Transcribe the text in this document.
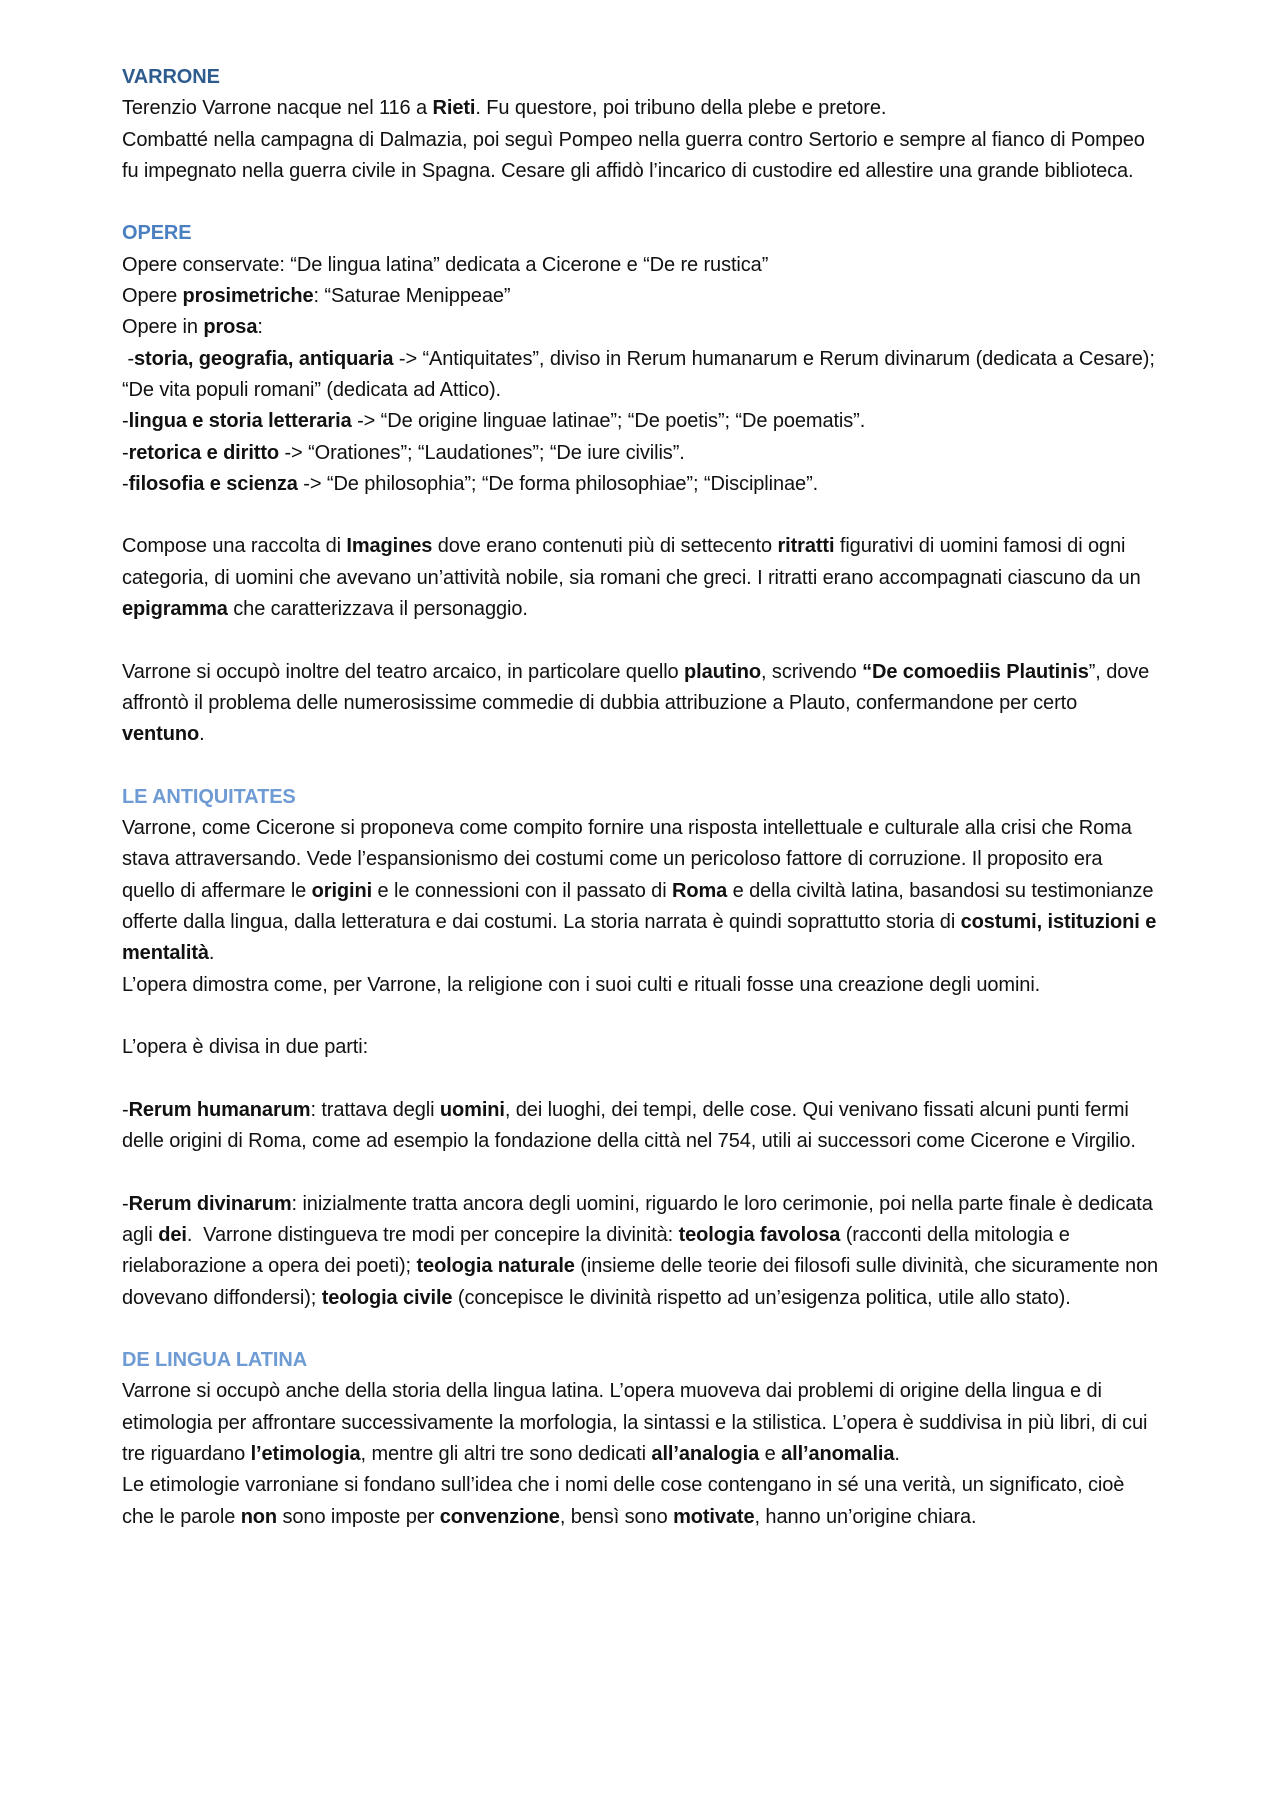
VARRONE

Terenzio Varrone nacque nel 116 a Rieti. Fu questore, poi tribuno della plebe e pretore.

Combatté nella campagna di Dalmazia, poi seguì Pompeo nella guerra contro Sertorio e sempre al fianco di Pompeo fu impegnato nella guerra civile in Spagna. Cesare gli affidò l’incarico di custodire ed allestire una grande biblioteca.

OPERE

Opere conservate: “De lingua latina” dedicata a Cicerone e “De re rustica”

Opere prosimetriche: “Saturae Menippeae”

Opere in prosa:

-storia, geografia, antiquaria -> “Antiquitates”, diviso in Rerum humanarum e Rerum divinarum (dedicata a Cesare); “De vita populi romani” (dedicata ad Attico).

-lingua e storia letteraria -> “De origine linguae latinae”; “De poetis”; “De poematis”.

-retorica e diritto -> “Orationes”; “Laudationes”; “De iure civilis”.

-filosofia e scienza -> “De philosophia”; “De forma philosophiae”; “Disciplinae”.

Compose una raccolta di Imagines dove erano contenuti più di settecento ritratti figurativi di uomini famosi di ogni categoria, di uomini che avevano un’attività nobile, sia romani che greci. I ritratti erano accompagnati ciascuno da un epigramma che caratterizzava il personaggio.

Varrone si occupò inoltre del teatro arcaico, in particolare quello plautino, scrivendo “De comoediis Plautinis”, dove affrontò il problema delle numerosissime commedie di dubbia attribuzione a Plauto, confermandone per certo ventuno.

LE ANTIQUITATES

Varrone, come Cicerone si proponeva come compito fornire una risposta intellettuale e culturale alla crisi che Roma stava attraversando. Vede l’espansionismo dei costumi come un pericoloso fattore di corruzione. Il proposito era quello di affermare le origini e le connessioni con il passato di Roma e della civiltà latina, basandosi su testimonianze offerte dalla lingua, dalla letteratura e dai costumi. La storia narrata è quindi soprattutto storia di costumi, istituzioni e mentalità.

L’opera dimostra come, per Varrone, la religione con i suoi culti e rituali fosse una creazione degli uomini.

L’opera è divisa in due parti:

-Rerum humanarum: trattava degli uomini, dei luoghi, dei tempi, delle cose. Qui venivano fissati alcuni punti fermi delle origini di Roma, come ad esempio la fondazione della città nel 754, utili ai successori come Cicerone e Virgilio.

-Rerum divinarum: inizialmente tratta ancora degli uomini, riguardo le loro cerimonie, poi nella parte finale è dedicata agli dei.  Varrone distingueva tre modi per concepire la divinità: teologia favolosa (racconti della mitologia e rielaborazione a opera dei poeti); teologia naturale (insieme delle teorie dei filosofi sulle divinità, che sicuramente non dovevano diffondersi); teologia civile (concepisce le divinità rispetto ad un’esigenza politica, utile allo stato).

DE LINGUA LATINA

Varrone si occupò anche della storia della lingua latina. L’opera muoveva dai problemi di origine della lingua e di etimologia per affrontare successivamente la morfologia, la sintassi e la stilistica. L’opera è suddivisa in più libri, di cui tre riguardano l’etimologia, mentre gli altri tre sono dedicati all’analogia e all’anomalia.

Le etimologie varroniane si fondano sull’idea che i nomi delle cose contengano in sé una verità, un significato, cioè che le parole non sono imposte per convenzione, bensì sono motivate, hanno un’origine chiara.
